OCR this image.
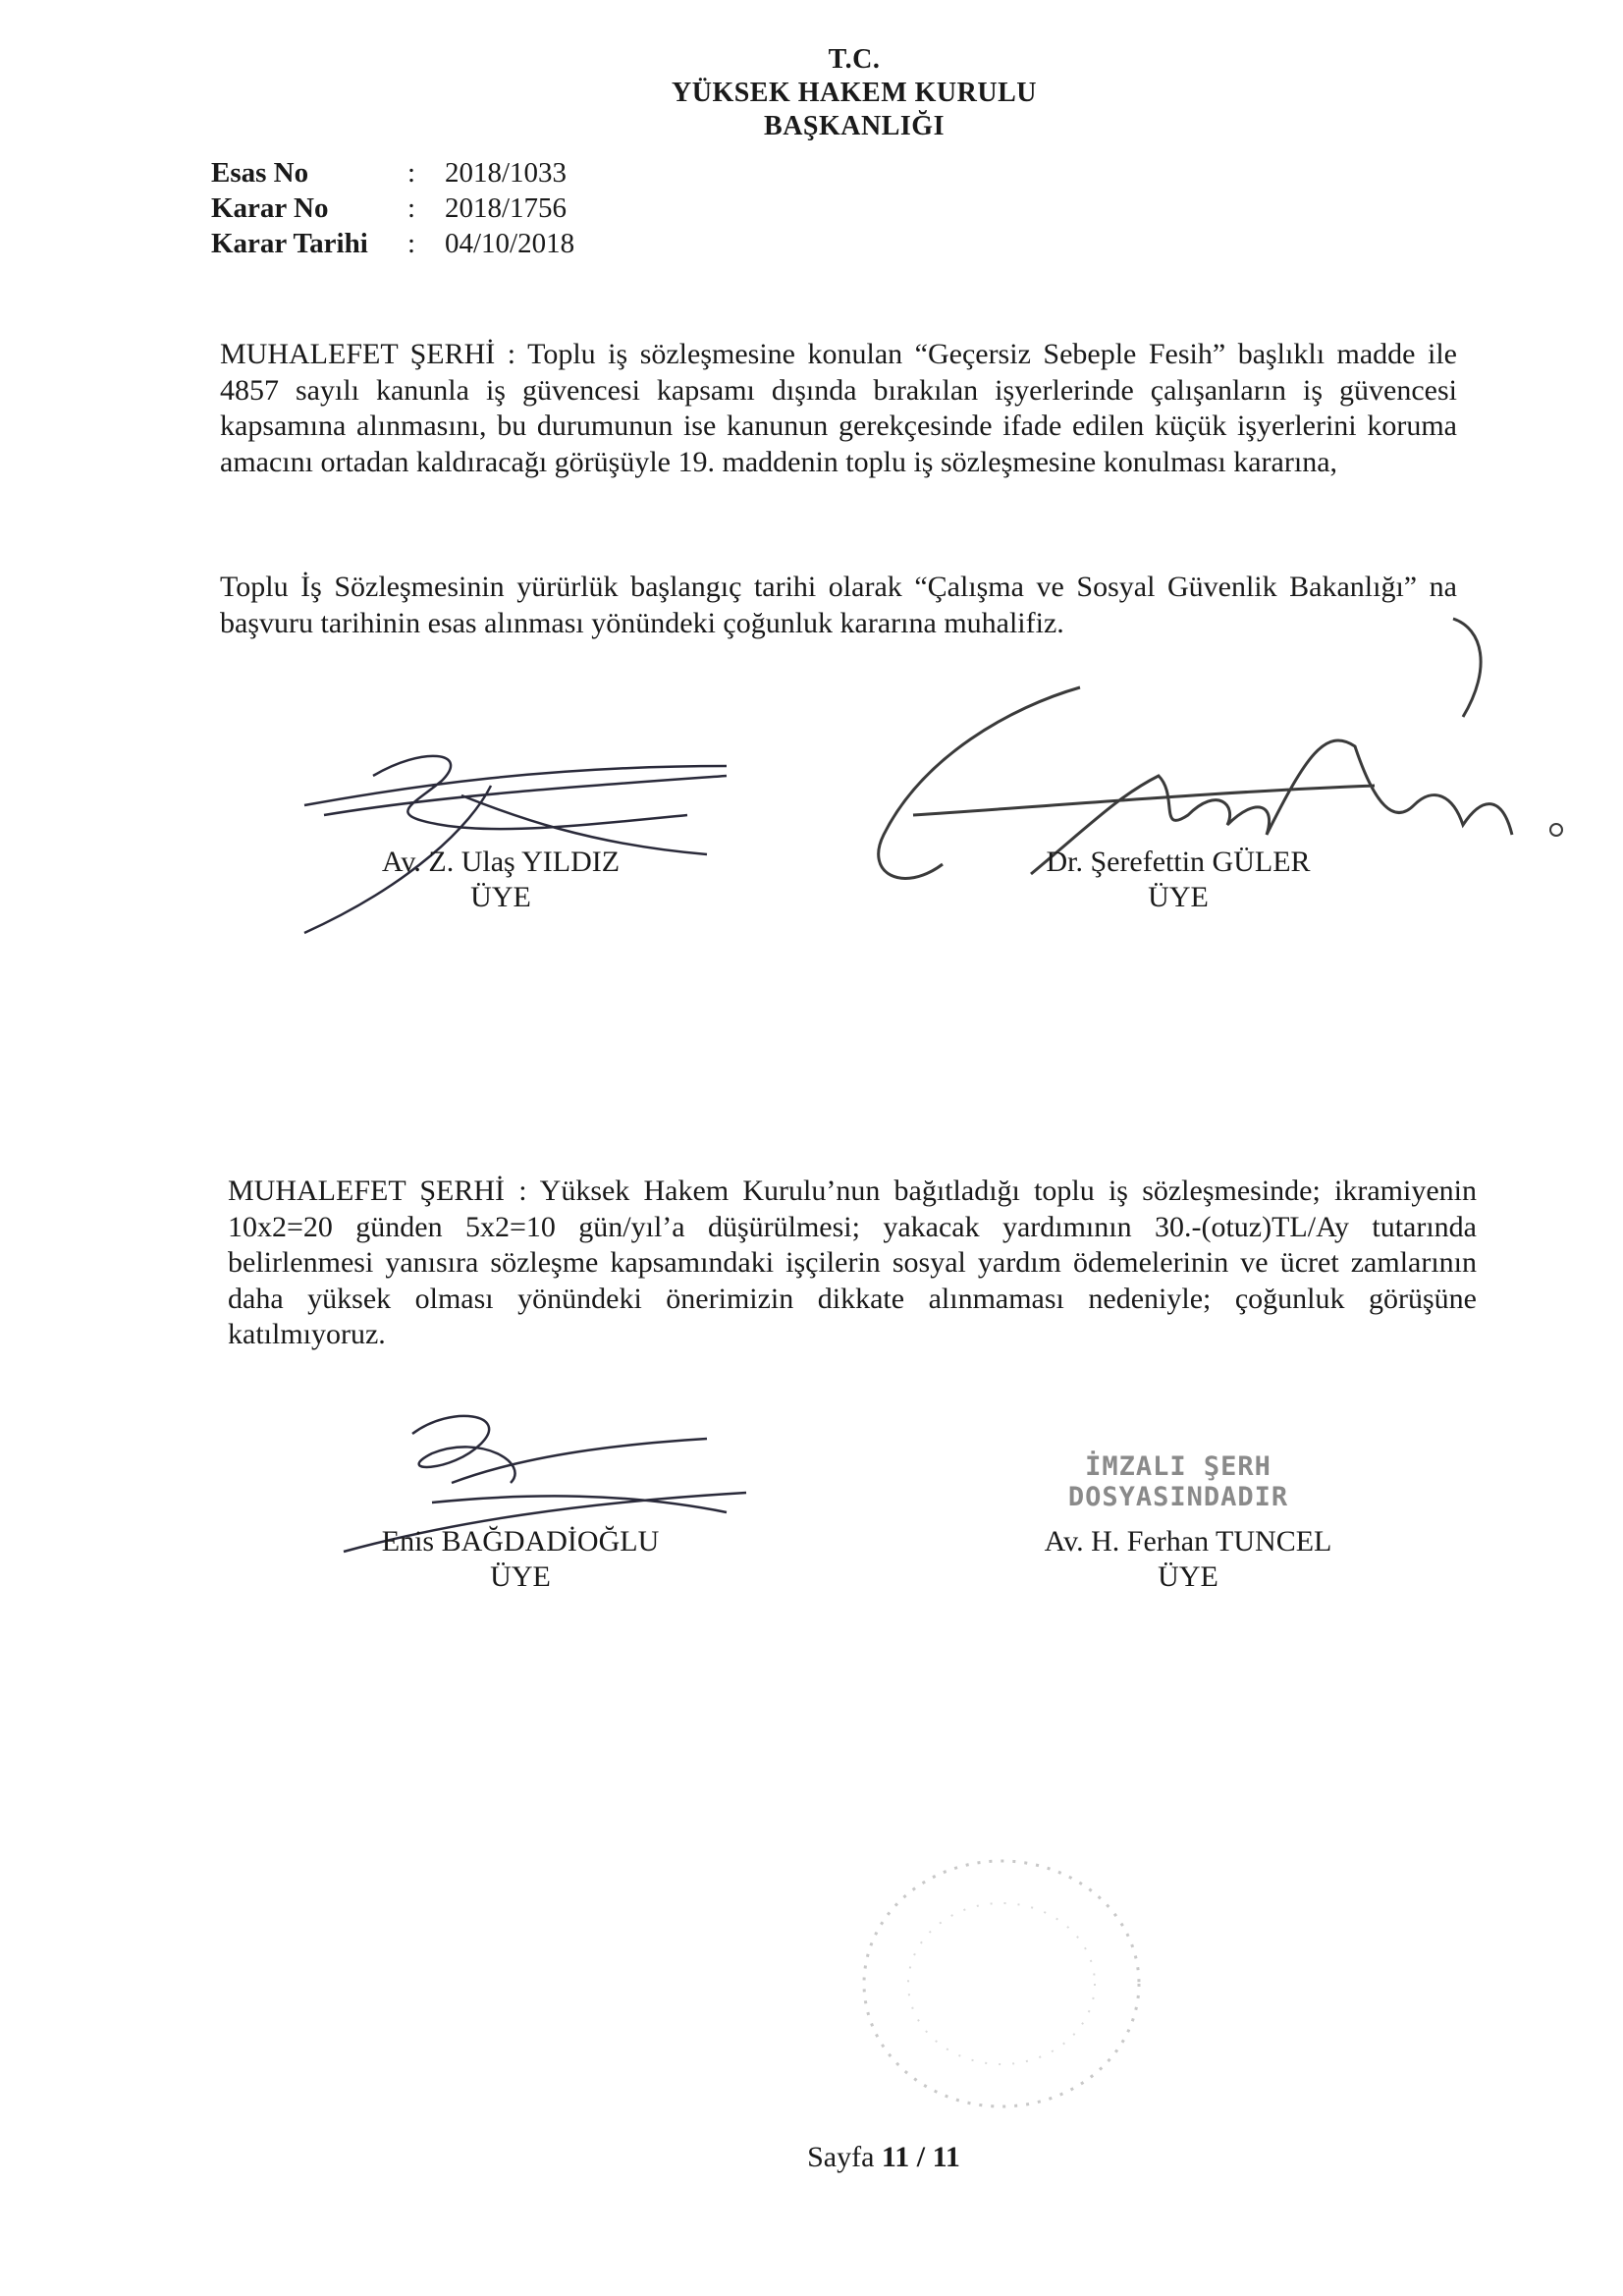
T.C.
YÜKSEK HAKEM KURULU
BAŞKANLIĞI
Esas No	:	2018/1033
Karar No	:	2018/1756
Karar Tarihi	:	04/10/2018
MUHALEFET ŞERHİ : Toplu iş sözleşmesine konulan “Geçersiz Sebeple Fesih” başlıklı madde ile 4857 sayılı kanunla iş güvencesi kapsamı dışında bırakılan işyerlerinde çalışanların iş güvencesi kapsamına alınmasını, bu durumunun ise kanunun gerekçesinde ifade edilen küçük işyerlerini koruma amacını ortadan kaldıracağı görüşüyle 19. maddenin toplu iş sözleşmesine konulması kararına,
Toplu İş Sözleşmesinin yürürlük başlangıç tarihi olarak “Çalışma ve Sosyal Güvenlik Bakanlığı” na başvuru tarihinin esas alınması yönündeki çoğunluk kararına muhalifiz.
Av. Z. Ulaş YILDIZ
ÜYE
Dr. Şerefettin GÜLER
ÜYE
MUHALEFET ŞERHİ : Yüksek Hakem Kurulu’nun bağıtladığı toplu iş sözleşmesinde; ikramiyenin 10x2=20 günden 5x2=10 gün/yıl’a düşürülmesi; yakacak yardımının 30.-(otuz)TL/Ay tutarında belirlenmesi yanısıra sözleşme kapsamındaki işçilerin sosyal yardım ödemelerinin ve ücret zamlarının daha yüksek olması yönündeki önerimizin dikkate alınmaması nedeniyle; çoğunluk görüşüne katılmıyoruz.
Enis BAĞDADİOĞLU
ÜYE
İMZALI ŞERH DOSYASINDADIR
Av. H. Ferhan TUNCEL
ÜYE
Sayfa 11 / 11
